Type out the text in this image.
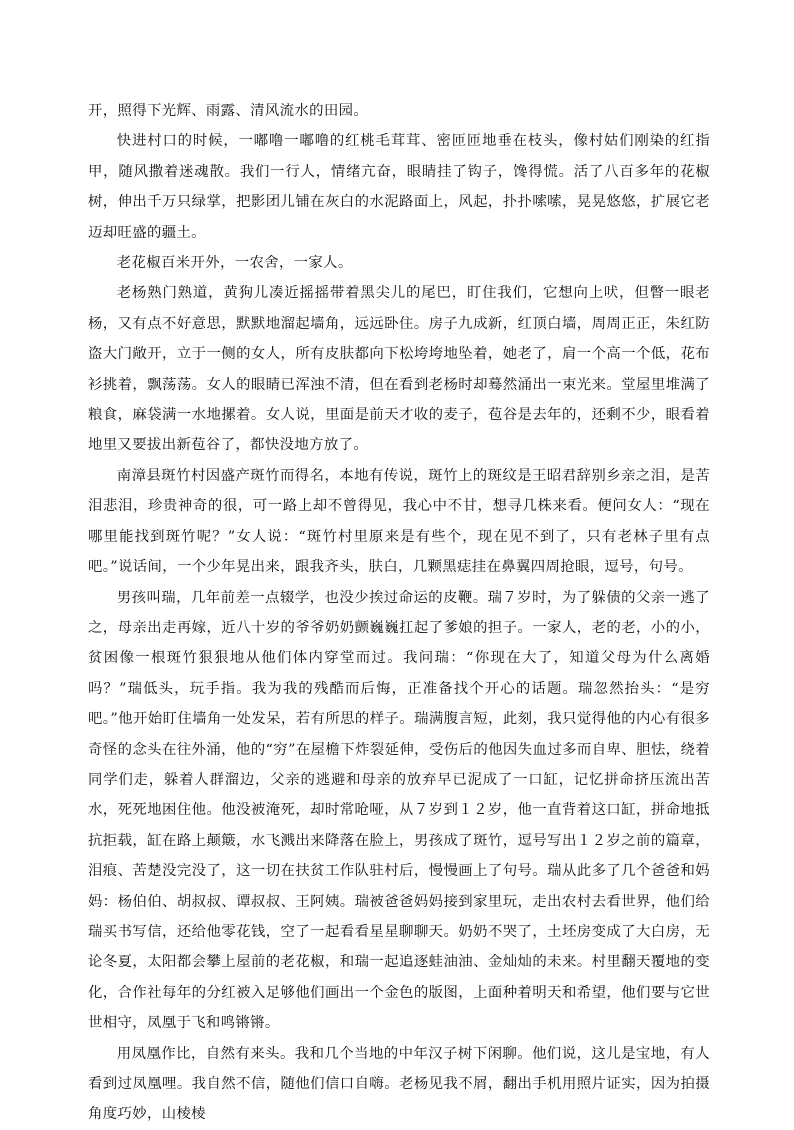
开，照得下光辉、雨露、清风流水的田园。

快进村口的时候，一嘟噜一嘟噜的红桃毛茸茸、密匝匝地垂在枝头，像村姑们刚染的红指甲，随风撒着迷魂散。我们一行人，情绪亢奋，眼睛挂了钩子，馋得慌。活了八百多年的花椒树，伸出千万只绿掌，把影团儿铺在灰白的水泥路面上，风起，扑扑嗦嗦，晃晃悠悠，扩展它老迈却旺盛的疆土。

老花椒百米开外，一农舍，一家人。

老杨熟门熟道，黄狗儿凑近摇摇带着黑尖儿的尾巴，盯住我们，它想向上吠，但瞥一眼老杨，又有点不好意思，默默地溜起墙角，远远卧住。房子九成新，红顶白墙，周周正正，朱红防盗大门敞开，立于一侧的女人，所有皮肤都向下松垮垮地坠着，她老了，肩一个高一个低，花布衫挑着，飘荡荡。女人的眼睛已浑浊不清，但在看到老杨时却蓦然涌出一束光来。堂屋里堆满了粮食，麻袋满一水地摞着。女人说，里面是前天才收的麦子，苞谷是去年的，还剩不少，眼看着地里又要拔出新苞谷了，都快没地方放了。

南漳县斑竹村因盛产斑竹而得名，本地有传说，斑竹上的斑纹是王昭君辞别乡亲之泪，是苦泪悲泪，珍贵神奇的很，可一路上却不曾得见，我心中不甘，想寻几株来看。便问女人：“现在哪里能找到斑竹呢？”女人说：“斑竹村里原来是有些个，现在见不到了，只有老林子里有点吧。”说话间，一个少年晃出来，跟我齐头，肤白，几颗黑痣挂在鼻翼四周抢眼，逗号，句号。

男孩叫瑞，几年前差一点辍学，也没少挨过命运的皮鞭。瑞７岁时，为了躲债的父亲一逃了之，母亲出走再嫁，近八十岁的爷爷奶奶颤巍巍扛起了爹娘的担子。一家人，老的老，小的小，贫困像一根斑竹狠狠地从他们体内穿堂而过。我问瑞：“你现在大了，知道父母为什么离婚吗？”瑞低头，玩手指。我为我的残酷而后悔，正准备找个开心的话题。瑞忽然抬头：“是穷吧。”他开始盯住墙角一处发呆，若有所思的样子。瑞满腹言短，此刻，我只觉得他的内心有很多奇怪的念头在往外涌，他的“穷”在屋檐下炸裂延伸，受伤后的他因失血过多而自卑、胆怯，绕着同学们走，躲着人群溜边，父亲的逃避和母亲的放弃早已泥成了一口缸，记忆拼命挤压流出苦水，死死地困住他。他没被淹死，却时常呛哑，从７岁到１２岁，他一直背着这口缸，拼命地抵抗拒载，缸在路上颠簸，水飞溅出来降落在脸上，男孩成了斑竹，逗号写出１２岁之前的篇章，泪痕、苦楚没完没了，这一切在扶贫工作队驻村后，慢慢画上了句号。瑞从此多了几个爸爸和妈妈：杨伯伯、胡叔叔、谭叔叔、王阿姨。瑞被爸爸妈妈接到家里玩，走出农村去看世界，他们给瑞买书写信，还给他零花钱，空了一起看看星星聊聊天。奶奶不哭了，土坯房变成了大白房，无论冬夏，太阳都会攀上屋前的老花椒，和瑞一起追逐蛙油油、金灿灿的未来。村里翻天覆地的变化，合作社每年的分红被入足够他们画出一个金色的版图，上面种着明天和希望，他们要与它世世相守，凤凰于飞和鸣锵锵。

用凤凰作比，自然有来头。我和几个当地的中年汉子树下闲聊。他们说，这儿是宝地，有人看到过凤凰哩。我自然不信，随他们信口自嗨。老杨见我不屑，翻出手机用照片证实，因为拍摄角度巧妙，山棱棱
